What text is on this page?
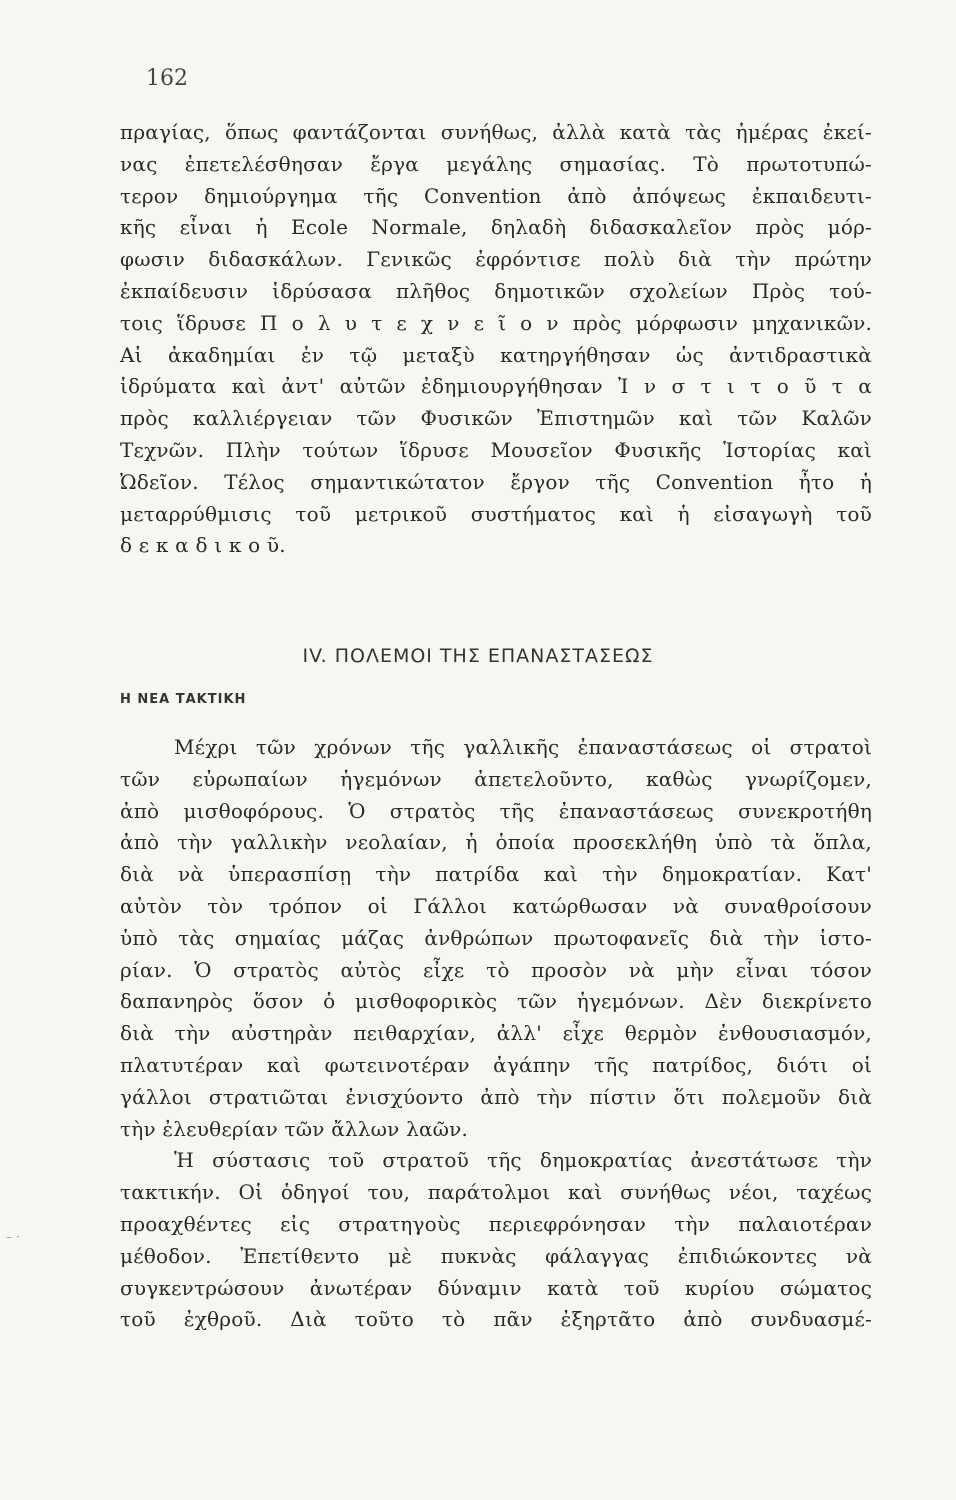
162
πραγίας, ὅπως φαντάζονται συνήθως, ἀλλὰ κατὰ τὰς ἡμέρας ἐκεί-
νας ἐπετελέσθησαν ἔργα μεγάλης σημασίας. Τὸ πρωτοτυπώ-
τερον δημιούργημα τῆς Convention ἀπὸ ἀπόψεως ἐκπαιδευτι-
κῆς εἶναι ἡ Ecole Normale, δηλαδὴ διδασκαλεῖον πρὸς μόρ-
φωσιν διδασκάλων. Γενικῶς ἐφρόντισε πολὺ διὰ τὴν πρώτην
ἐκπαίδευσιν ἱδρύσασα πλῆθος δημοτικῶν σχολείων Πρὸς τού-
τοις ἵδρυσε Π ο λ υ τ ε χ ν ε ῖ ο ν πρὸς μόρφωσιν μηχανικῶν.
Αἱ ἀκαδημίαι ἐν τῷ μεταξὺ κατηργήθησαν ὡς ἀντιδραστικὰ
ἱδρύματα καὶ ἀντ' αὐτῶν ἐδημιουργήθησαν Ἰ ν σ τ ι τ ο ῦ τ α
πρὸς καλλιέργειαν τῶν Φυσικῶν Ἐπιστημῶν καὶ τῶν Καλῶν
Τεχνῶν. Πλὴν τούτων ἵδρυσε Μουσεῖον Φυσικῆς Ἱστορίας καὶ
Ὠδεῖον. Τέλος σημαντικώτατον ἔργον τῆς Convention ἦτο ἡ
μεταρρύθμισις τοῦ μετρικοῦ συστήματος καὶ ἡ εἰσαγωγὴ τοῦ
δ ε κ α δ ι κ ο ῦ.
IV. ΠΟΛΕΜΟΙ ΤΗΣ ΕΠΑΝΑΣΤΑΣΕΩΣ
Η ΝΕΑ ΤΑΚΤΙΚΗ
Μέχρι τῶν χρόνων τῆς γαλλικῆς ἐπαναστάσεως οἱ στρατοὶ
τῶν εὐρωπαίων ἡγεμόνων ἀπετελοῦντο, καθὼς γνωρίζομεν,
ἀπὸ μισθοφόρους. Ὁ στρατὸς τῆς ἐπαναστάσεως συνεκροτήθη
ἀπὸ τὴν γαλλικὴν νεολαίαν, ἡ ὁποία προσεκλήθη ὑπὸ τὰ ὅπλα,
διὰ νὰ ὑπερασπίσῃ τὴν πατρίδα καὶ τὴν δημοκρατίαν. Κατ'
αὐτὸν τὸν τρόπον οἱ Γάλλοι κατώρθωσαν νὰ συναθροίσουν
ὑπὸ τὰς σημαίας μάζας ἀνθρώπων πρωτοφανεῖς διὰ τὴν ἱστο-
ρίαν. Ὁ στρατὸς αὐτὸς εἶχε τὸ προσὸν νὰ μὴν εἶναι τόσον
δαπανηρὸς ὅσον ὁ μισθοφορικὸς τῶν ἡγεμόνων. Δὲν διεκρίνετο
διὰ τὴν αὐστηρὰν πειθαρχίαν, ἀλλ' εἶχε θερμὸν ἐνθουσιασμόν,
πλατυτέραν καὶ φωτεινοτέραν ἀγάπην τῆς πατρίδος, διότι οἱ
γάλλοι στρατιῶται ἐνισχύοντο ἀπὸ τὴν πίστιν ὅτι πολεμοῦν διὰ
τὴν ἐλευθερίαν τῶν ἄλλων λαῶν.
Ἡ σύστασις τοῦ στρατοῦ τῆς δημοκρατίας ἀνεστάτωσε τὴν
τακτικήν. Οἱ ὁδηγοί του, παράτολμοι καὶ συνήθως νέοι, ταχέως
προαχθέντες εἰς στρατηγοὺς περιεφρόνησαν τὴν παλαιοτέραν
μέθοδον. Ἐπετίθεντο μὲ πυκνὰς φάλαγγας ἐπιδιώκοντες νὰ
συγκεντρώσουν ἀνωτέραν δύναμιν κατὰ τοῦ κυρίου σώματος
τοῦ ἐχθροῦ. Διὰ τοῦτο τὸ πᾶν ἐξηρτᾶτο ἀπὸ συνδυασμέ-
– ·
